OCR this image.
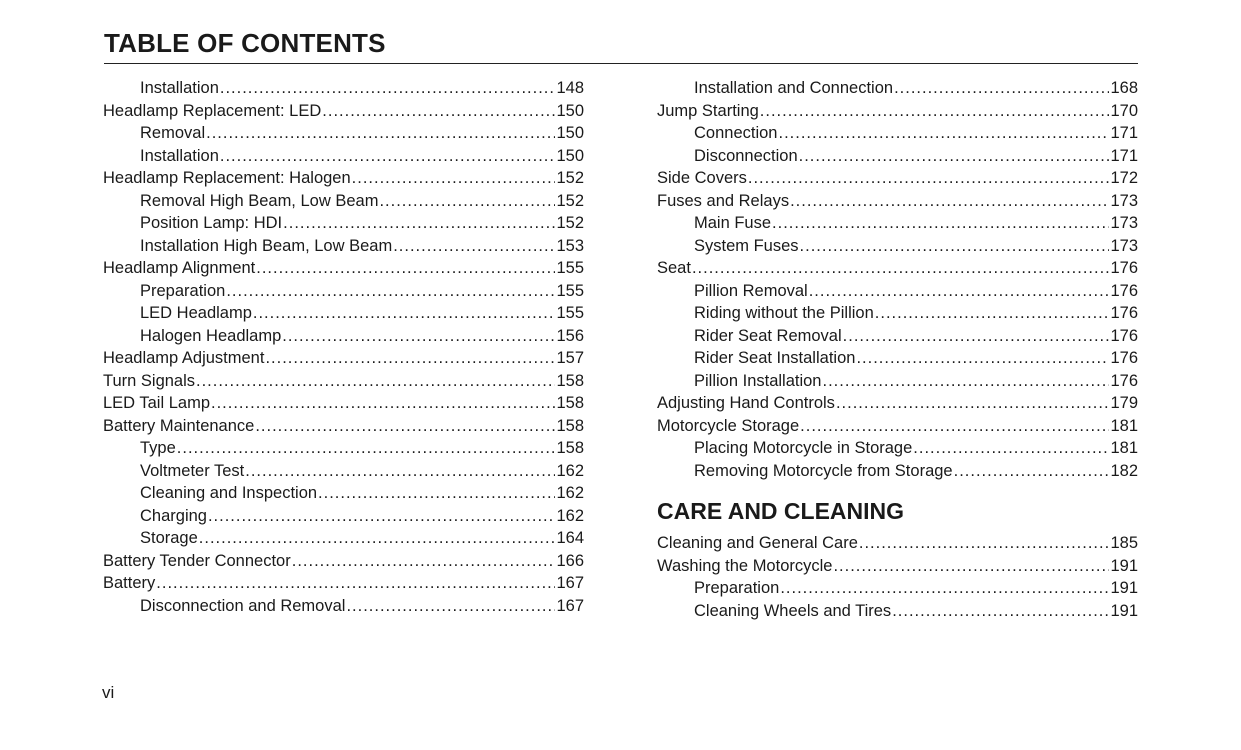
TABLE OF CONTENTS
Installation .....	148
Headlamp Replacement: LED .....	150
Removal .....	150
Installation .....	150
Headlamp Replacement: Halogen .....	152
Removal High Beam, Low Beam .....	152
Position Lamp: HDI .....	152
Installation High Beam, Low Beam .....	153
Headlamp Alignment .....	155
Preparation .....	155
LED Headlamp .....	155
Halogen Headlamp .....	156
Headlamp Adjustment .....	157
Turn Signals .....	158
LED Tail Lamp .....	158
Battery Maintenance .....	158
Type .....	158
Voltmeter Test .....	162
Cleaning and Inspection .....	162
Charging .....	162
Storage .....	164
Battery Tender Connector .....	166
Battery .....	167
Disconnection and Removal .....	167
Installation and Connection .....	168
Jump Starting .....	170
Connection .....	171
Disconnection .....	171
Side Covers .....	172
Fuses and Relays .....	173
Main Fuse .....	173
System Fuses .....	173
Seat .....	176
Pillion Removal .....	176
Riding without the Pillion .....	176
Rider Seat Removal .....	176
Rider Seat Installation .....	176
Pillion Installation .....	176
Adjusting Hand Controls .....	179
Motorcycle Storage .....	181
Placing Motorcycle in Storage .....	181
Removing Motorcycle from Storage .....	182
CARE AND CLEANING
Cleaning and General Care .....	185
Washing the Motorcycle .....	191
Preparation .....	191
Cleaning Wheels and Tires .....	191
vi
